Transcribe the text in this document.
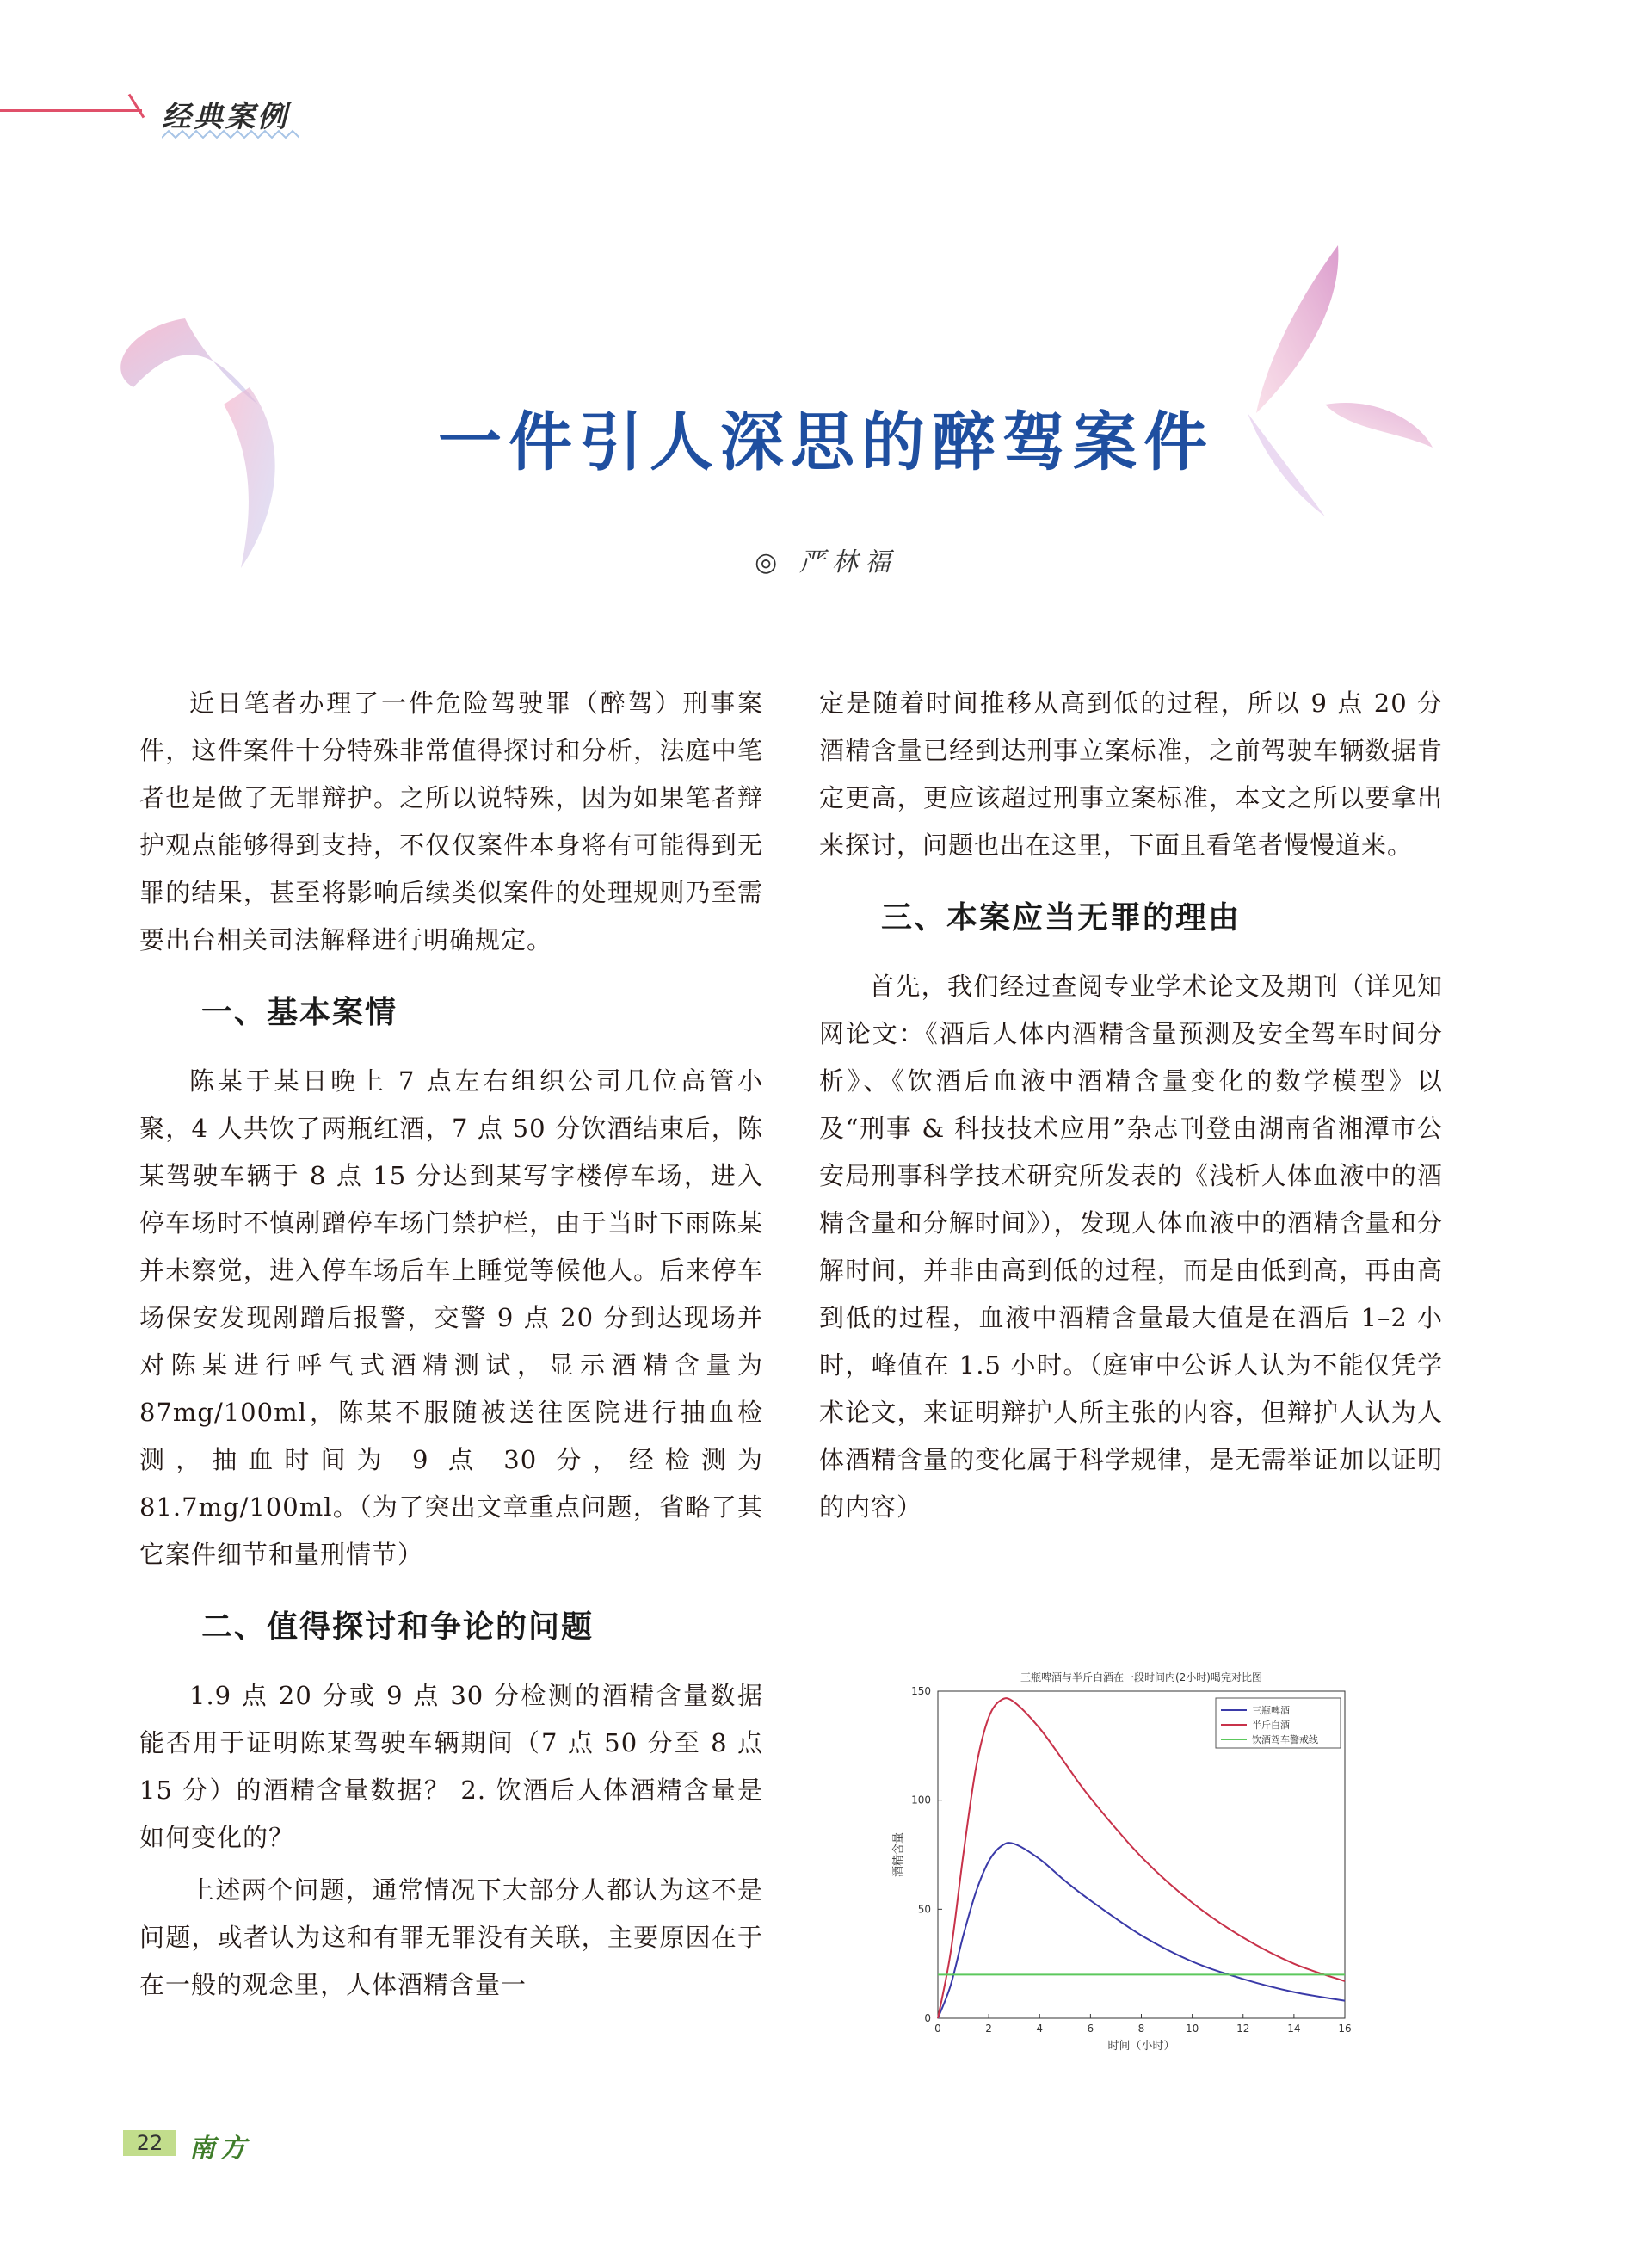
经典案例
一件引人深思的醉驾案件
◎ 严林福

近日笔者办理了一件危险驾驶罪（醉驾）刑事案件，这件案件十分特殊非常值得探讨和分析，法庭中笔者也是做了无罪辩护。之所以说特殊，因为如果笔者辩护观点能够得到支持，不仅仅案件本身将有可能得到无罪的结果，甚至将影响后续类似案件的处理规则乃至需要出台相关司法解释进行明确规定。

一、基本案情

陈某于某日晚上 7 点左右组织公司几位高管小聚，4 人共饮了两瓶红酒，7 点 50 分饮酒结束后，陈某驾驶车辆于 8 点 15 分达到某写字楼停车场，进入停车场时不慎剐蹭停车场门禁护栏，由于当时下雨陈某并未察觉，进入停车场后车上睡觉等候他人。后来停车场保安发现剐蹭后报警，交警 9 点 20 分到达现场并对陈某进行呼气式酒精测试，显示酒精含量为 87mg/100ml，陈某不服随被送往医院进行抽血检测，抽血时间为 9 点 30 分，经检测为 81.7mg/100ml。（为了突出文章重点问题，省略了其它案件细节和量刑情节）

二、值得探讨和争论的问题

1.9 点 20 分或 9 点 30 分检测的酒精含量数据能否用于证明陈某驾驶车辆期间（7 点 50 分至 8 点 15 分）的酒精含量数据？ 2. 饮酒后人体酒精含量是如何变化的？

上述两个问题，通常情况下大部分人都认为这不是问题，或者认为这和有罪无罪没有关联，主要原因在于在一般的观念里，人体酒精含量一

定是随着时间推移从高到低的过程，所以 9 点 20 分酒精含量已经到达刑事立案标准，之前驾驶车辆数据肯定更高，更应该超过刑事立案标准，本文之所以要拿出来探讨，问题也出在这里，下面且看笔者慢慢道来。

三、本案应当无罪的理由

首先，我们经过查阅专业学术论文及期刊（详见知网论文：《酒后人体内酒精含量预测及安全驾车时间分析》、《饮酒后血液中酒精含量变化的数学模型》以及“刑事 & 科技技术应用”杂志刊登由湖南省湘潭市公安局刑事科学技术研究所发表的《浅析人体血液中的酒精含量和分解时间》），发现人体血液中的酒精含量和分解时间，并非由高到低的过程，而是由低到高，再由高到低的过程，血液中酒精含量最大值是在酒后 1–2 小时，峰值在 1.5 小时。（庭审中公诉人认为不能仅凭学术论文，来证明辩护人所主张的内容，但辩护人认为人体酒精含量的变化属于科学规律，是无需举证加以证明的内容）

三瓶啤酒与半斤白酒在一段时间内(2小时)喝完对比图
0	2	4	6	8	10	12	14	16
0
50
100
150
时间（小时）
酒精含量
三瓶啤酒
半斤白酒
饮酒驾车警戒线
22	南方
